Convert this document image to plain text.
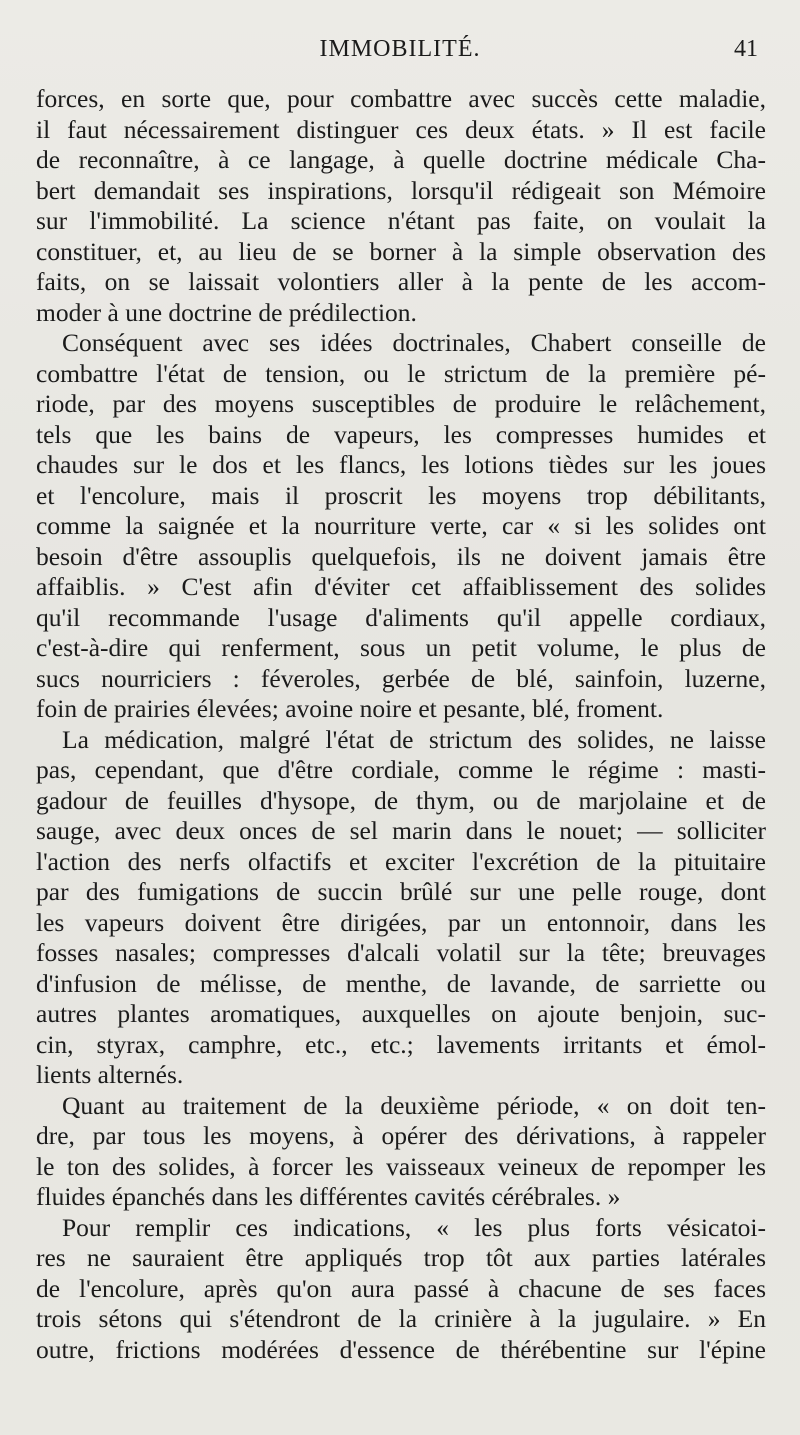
IMMOBILITÉ.	41
forces, en sorte que, pour combattre avec succès cette maladie,
il faut nécessairement distinguer ces deux états. » Il est facile
de reconnaître, à ce langage, à quelle doctrine médicale Cha-
bert demandait ses inspirations, lorsqu'il rédigeait son Mémoire
sur l'immobilité. La science n'étant pas faite, on voulait la
constituer, et, au lieu de se borner à la simple observation des
faits, on se laissait volontiers aller à la pente de les accom-
moder à une doctrine de prédilection.
Conséquent avec ses idées doctrinales, Chabert conseille de
combattre l'état de tension, ou le strictum de la première pé-
riode, par des moyens susceptibles de produire le relâchement,
tels que les bains de vapeurs, les compresses humides et
chaudes sur le dos et les flancs, les lotions tièdes sur les joues
et l'encolure, mais il proscrit les moyens trop débilitants,
comme la saignée et la nourriture verte, car « si les solides ont
besoin d'être assouplis quelquefois, ils ne doivent jamais être
affaiblis. » C'est afin d'éviter cet affaiblissement des solides
qu'il recommande l'usage d'aliments qu'il appelle cordiaux,
c'est-à-dire qui renferment, sous un petit volume, le plus de
sucs nourriciers : féveroles, gerbée de blé, sainfoin, luzerne,
foin de prairies élevées; avoine noire et pesante, blé, froment.
La médication, malgré l'état de strictum des solides, ne laisse
pas, cependant, que d'être cordiale, comme le régime : masti-
gadour de feuilles d'hysope, de thym, ou de marjolaine et de
sauge, avec deux onces de sel marin dans le nouet; — solliciter
l'action des nerfs olfactifs et exciter l'excrétion de la pituitaire
par des fumigations de succin brûlé sur une pelle rouge, dont
les vapeurs doivent être dirigées, par un entonnoir, dans les
fosses nasales; compresses d'alcali volatil sur la tête; breuvages
d'infusion de mélisse, de menthe, de lavande, de sarriette ou
autres plantes aromatiques, auxquelles on ajoute benjoin, suc-
cin, styrax, camphre, etc., etc.; lavements irritants et émol-
lients alternés.
Quant au traitement de la deuxième période, « on doit ten-
dre, par tous les moyens, à opérer des dérivations, à rappeler
le ton des solides, à forcer les vaisseaux veineux de repomper les
fluides épanchés dans les différentes cavités cérébrales. »
Pour remplir ces indications, « les plus forts vésicatoi-
res ne sauraient être appliqués trop tôt aux parties latérales
de l'encolure, après qu'on aura passé à chacune de ses faces
trois sétons qui s'étendront de la crinière à la jugulaire. » En
outre, frictions modérées d'essence de thérébentine sur l'épine
